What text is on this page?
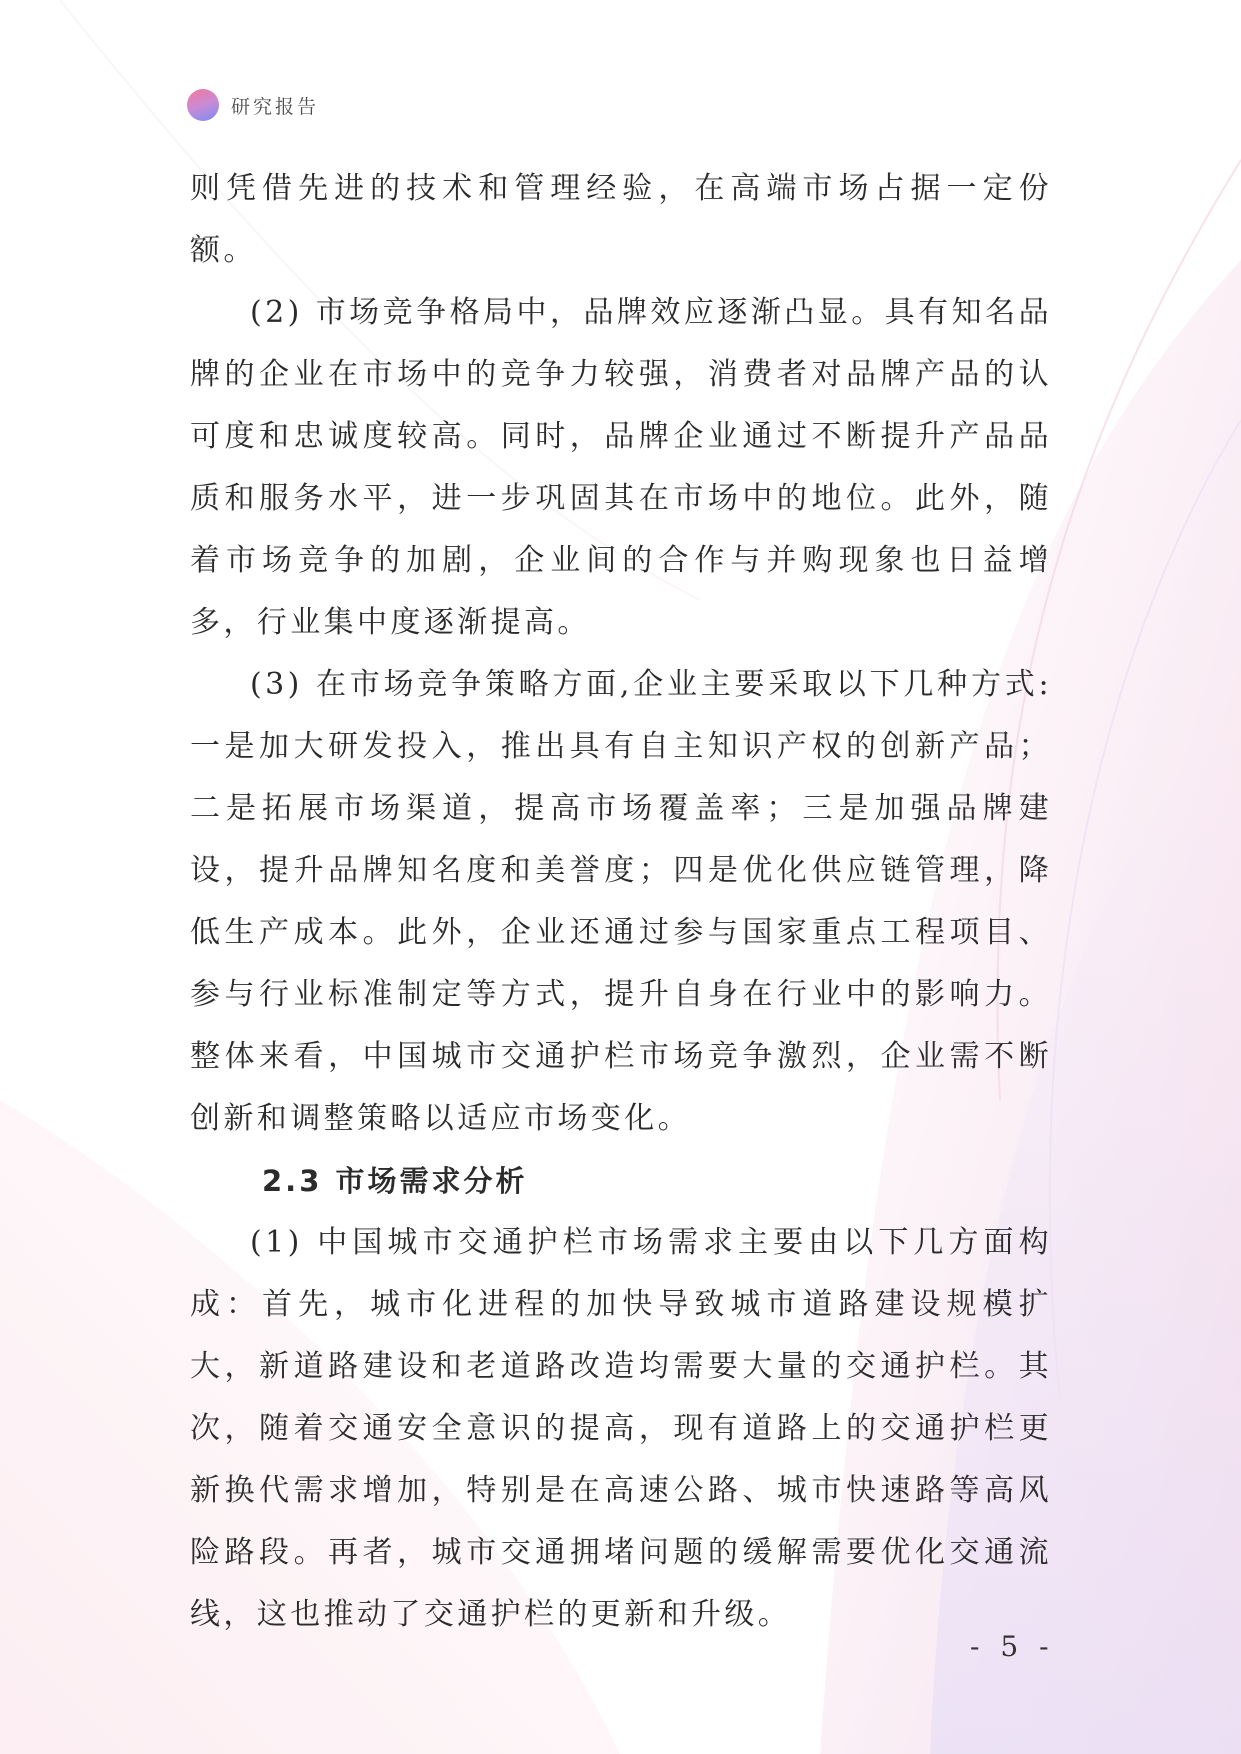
研究报告

则凭借先进的技术和管理经验，在高端市场占据一定份额。

(2) 市场竞争格局中，品牌效应逐渐凸显。具有知名品牌的企业在市场中的竞争力较强，消费者对品牌产品的认可度和忠诚度较高。同时，品牌企业通过不断提升产品品质和服务水平，进一步巩固其在市场中的地位。此外，随着市场竞争的加剧，企业间的合作与并购现象也日益增多，行业集中度逐渐提高。

(3) 在市场竞争策略方面,企业主要采取以下几种方式:一是加大研发投入，推出具有自主知识产权的创新产品；二是拓展市场渠道，提高市场覆盖率；三是加强品牌建设，提升品牌知名度和美誉度；四是优化供应链管理，降低生产成本。此外，企业还通过参与国家重点工程项目、参与行业标准制定等方式，提升自身在行业中的影响力。整体来看，中国城市交通护栏市场竞争激烈，企业需不断创新和调整策略以适应市场变化。

2.3 市场需求分析

(1) 中国城市交通护栏市场需求主要由以下几方面构成：首先，城市化进程的加快导致城市道路建设规模扩大，新道路建设和老道路改造均需要大量的交通护栏。其次，随着交通安全意识的提高，现有道路上的交通护栏更新换代需求增加，特别是在高速公路、城市快速路等高风险路段。再者，城市交通拥堵问题的缓解需要优化交通流线，这也推动了交通护栏的更新和升级。

- 5 -
